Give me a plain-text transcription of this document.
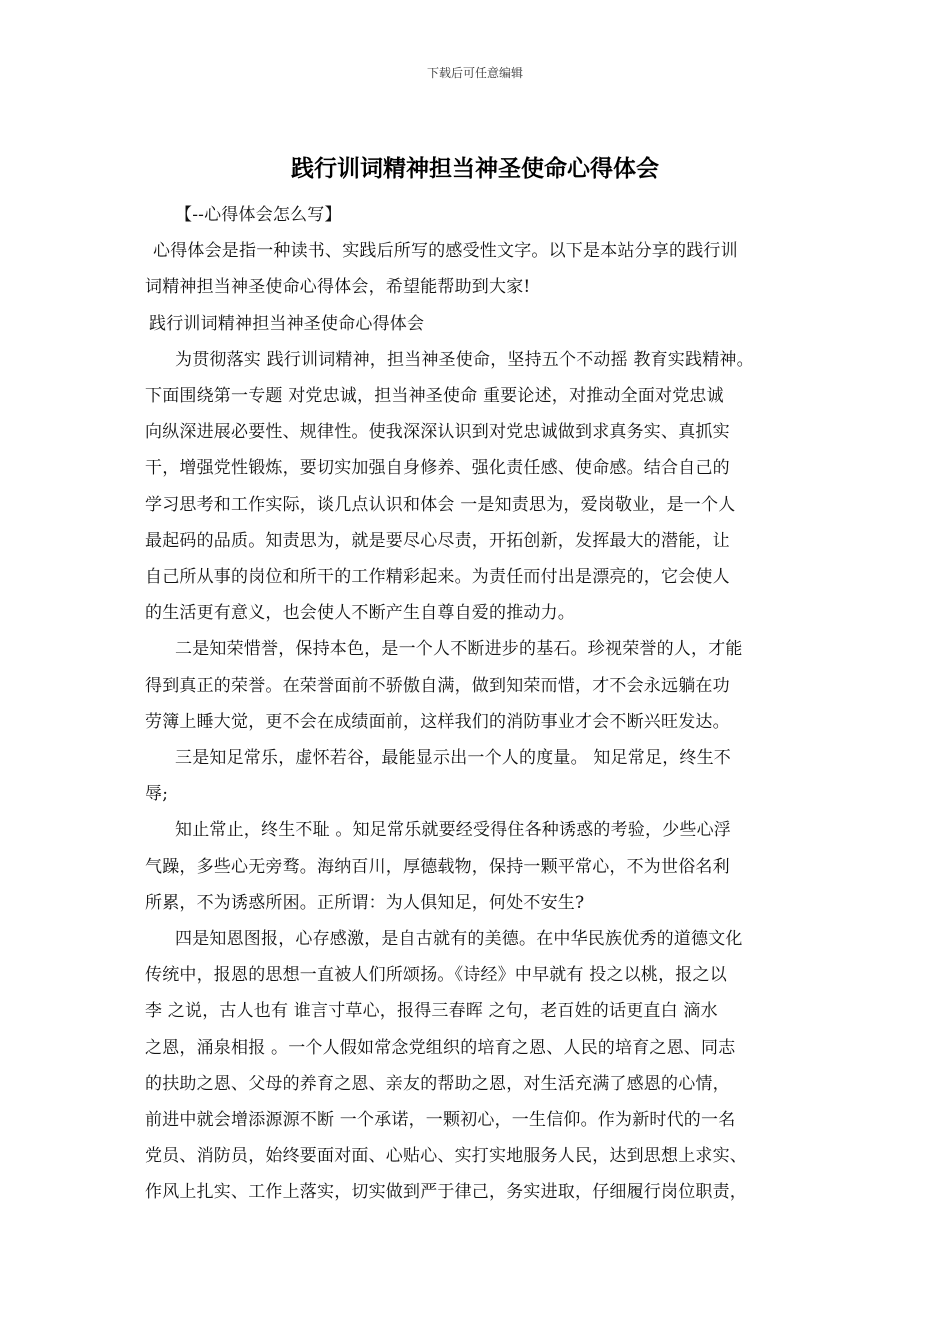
下载后可任意编辑
践行训词精神担当神圣使命心得体会
【--心得体会怎么写】
心得体会是指一种读书、实践后所写的感受性文字。以下是本站分享的践行训
词精神担当神圣使命心得体会，希望能帮助到大家!
践行训词精神担当神圣使命心得体会
为贯彻落实 践行训词精神，担当神圣使命，坚持五个不动摇 教育实践精神。
下面围绕第一专题 对党忠诚，担当神圣使命 重要论述，对推动全面对党忠诚
向纵深进展必要性、规律性。使我深深认识到对党忠诚做到求真务实、真抓实
干，增强党性锻炼，要切实加强自身修养、强化责任感、使命感。结合自己的
学习思考和工作实际，谈几点认识和体会 一是知责思为，爱岗敬业，是一个人
最起码的品质。知责思为，就是要尽心尽责，开拓创新，发挥最大的潜能，让
自己所从事的岗位和所干的工作精彩起来。为责任而付出是漂亮的，它会使人
的生活更有意义，也会使人不断产生自尊自爱的推动力。
二是知荣惜誉，保持本色，是一个人不断进步的基石。珍视荣誉的人，才能
得到真正的荣誉。在荣誉面前不骄傲自满，做到知荣而惜，才不会永远躺在功
劳簿上睡大觉，更不会在成绩面前，这样我们的消防事业才会不断兴旺发达。
三是知足常乐，虚怀若谷，最能显示出一个人的度量。 知足常足，终生不
辱;
知止常止，终生不耻 。知足常乐就要经受得住各种诱惑的考验，少些心浮
气躁，多些心无旁骛。海纳百川，厚德载物，保持一颗平常心，不为世俗名利
所累，不为诱惑所困。正所谓：为人俱知足，何处不安生?
四是知恩图报，心存感激，是自古就有的美德。在中华民族优秀的道德文化
传统中，报恩的思想一直被人们所颂扬。《诗经》中早就有 投之以桃，报之以
李 之说，古人也有 谁言寸草心，报得三春晖 之句，老百姓的话更直白 滴水
之恩，涌泉相报 。一个人假如常念党组织的培育之恩、人民的培育之恩、同志
的扶助之恩、父母的养育之恩、亲友的帮助之恩，对生活充满了感恩的心情，
前进中就会增添源源不断 一个承诺，一颗初心，一生信仰。作为新时代的一名
党员、消防员，始终要面对面、心贴心、实打实地服务人民，达到思想上求实、
作风上扎实、工作上落实，切实做到严于律己，务实进取，仔细履行岗位职责，
